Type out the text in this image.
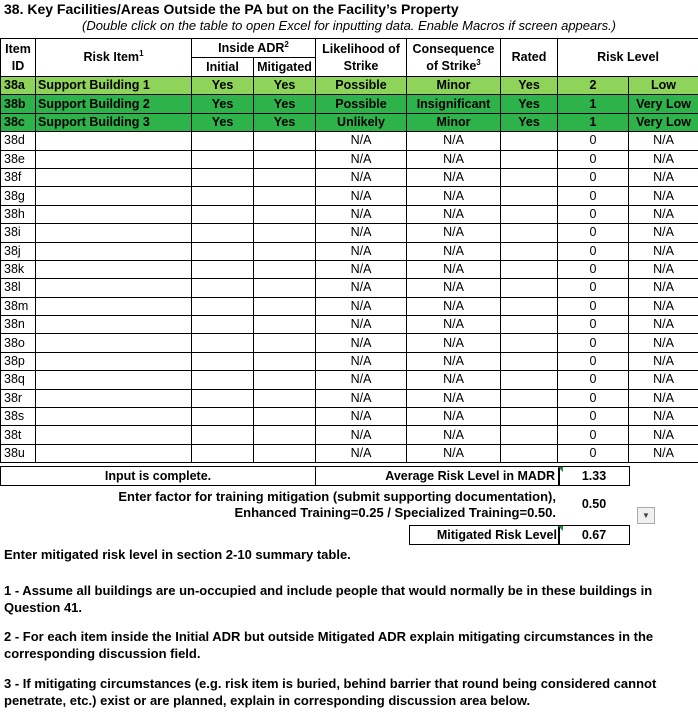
38. Key Facilities/Areas Outside the PA but on the Facility’s Property
(Double click on the table to open Excel for inputting data. Enable Macros if screen appears.)
Item
ID	Risk Item$^1$	Inside ADR$^2$		Likelihood of
Strike	Consequence
of Strike$^3$	Rated	Risk Level	
		Initial	Mitigated					
38a	Support Building 1	Yes	Yes	Possible	Minor	Yes	2	Low
38b	Support Building 2	Yes	Yes	Possible	Insignificant	Yes	1	Very Low
38c	Support Building 3	Yes	Yes	Unlikely	Minor	Yes	1	Very Low
38d				N/A	N/A		0	N/A
38e				N/A	N/A		0	N/A
38f				N/A	N/A		0	N/A
38g				N/A	N/A		0	N/A
38h				N/A	N/A		0	N/A
38i				N/A	N/A		0	N/A
38j				N/A	N/A		0	N/A
38k				N/A	N/A		0	N/A
38l				N/A	N/A		0	N/A
38m				N/A	N/A		0	N/A
38n				N/A	N/A		0	N/A
38o				N/A	N/A		0	N/A
38p				N/A	N/A		0	N/A
38q				N/A	N/A		0	N/A
38r				N/A	N/A		0	N/A
38s				N/A	N/A		0	N/A
38t				N/A	N/A		0	N/A
38u				N/A	N/A		0	N/A
Input is complete.	Average Risk Level in MADR	1.33
Enter factor for training mitigation (submit supporting documentation),
Enhanced Training=0.25 / Specialized Training=0.50.
0.50
▼
Mitigated Risk Level	0.67
Enter mitigated risk level in section 2-10 summary table.
1 - Assume all buildings are un-occupied and include people that would normally be in these buildings in Question 41.
2 - For each item inside the Initial ADR but outside Mitigated ADR explain mitigating circumstances in the corresponding discussion field.
3 - If mitigating circumstances (e.g. risk item is buried, behind barrier that round being considered cannot penetrate, etc.) exist or are planned, explain in corresponding discussion area below.
